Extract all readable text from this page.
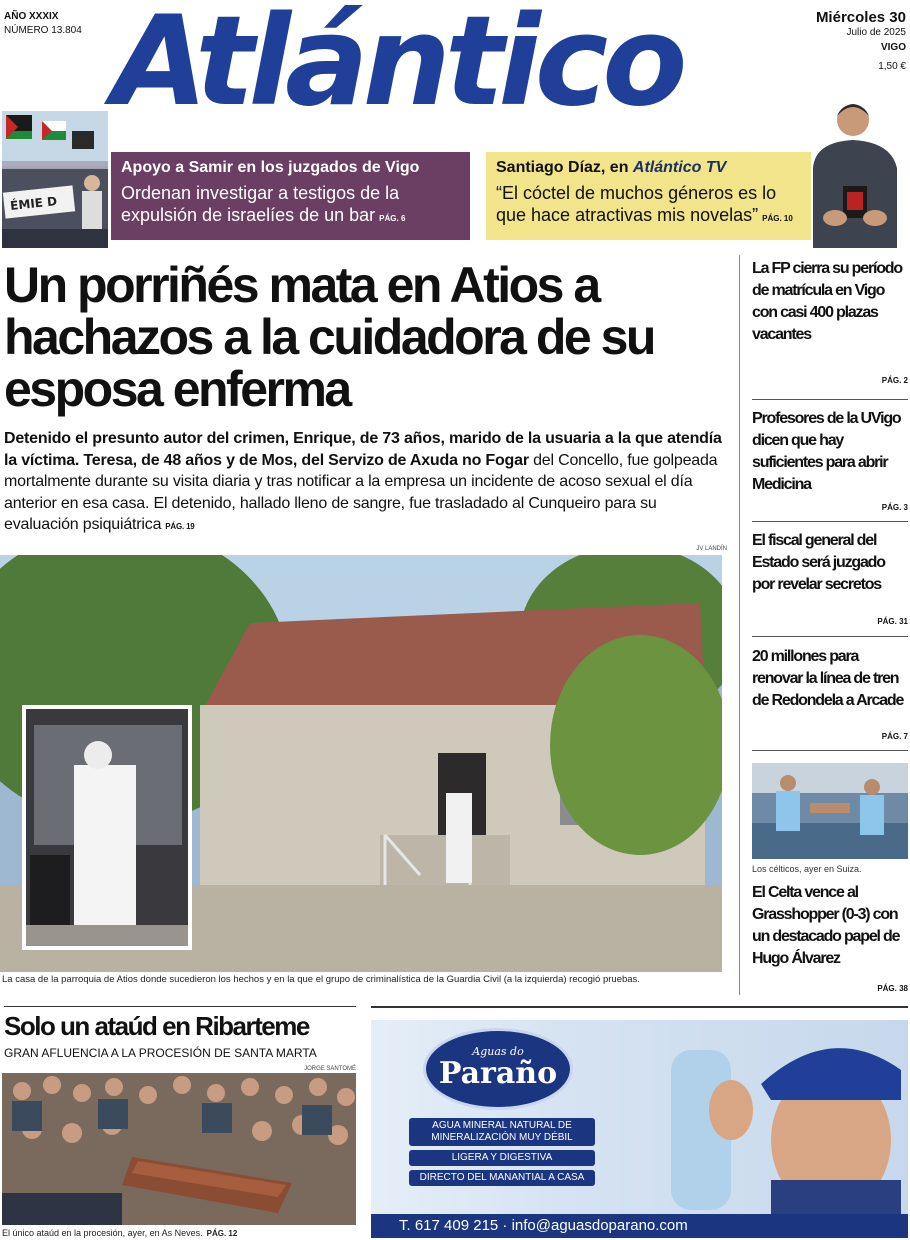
AÑO XXXIX
NÚMERO 13.804 Atlántico	Miércoles 30
Julio de 2025
VIGO
1,50 €
ÉMIE D
Apoyo a Samir en los juzgados de Vigo
Ordenan investigar a testigos de la expulsión de israelíes de un bar PÁG. 6
Santiago Díaz, en Atlántico TV
“El cóctel de muchos géneros es lo que hace atractivas mis novelas” PÁG. 10
Un porriñés mata en Atios a hachazos a la cuidadora de su esposa enferma
Detenido el presunto autor del crimen, Enrique, de 73 años, marido de la usuaria a la que atendía la víctima. Teresa, de 48 años y de Mos, del Servizo de Axuda no Fogar del Concello, fue golpeada mortalmente durante su visita diaria y tras notificar a la empresa un incidente de acoso sexual el día anterior en esa casa. El detenido, hallado lleno de sangre, fue trasladado al Cunqueiro para su evaluación psiquiátrica PÁG. 19
JV LANDÍN
La casa de la parroquia de Atios donde sucedieron los hechos y en la que el grupo de criminalística de la Guardia Civil (a la izquierda) recogió pruebas.
La FP cierra su período de matrícula en Vigo con casi 400 plazas vacantes
PÁG. 2
Profesores de la UVigo dicen que hay suficientes para abrir Medicina
PÁG. 3
El fiscal general del Estado será juzgado por revelar secretos
PÁG. 31
20 millones para renovar la línea de tren de Redondela a Arcade
PÁG. 7
Los célticos, ayer en Suiza.
El Celta vence al Grasshopper (0-3) con un destacado papel de Hugo Álvarez
PÁG. 38
Solo un ataúd en Ribarteme
GRAN AFLUENCIA A LA PROCESIÓN DE SANTA MARTA
JORGE SANTOMÉ
El único ataúd en la procesión, ayer, en As Neves. PÁG. 12
Aguas do
Paraño
AGUA MINERAL NATURAL DE MINERALIZACIÓN MUY DÉBIL
LIGERA Y DIGESTIVA
DIRECTO DEL MANANTIAL A CASA
T. 617 409 215 · info@aguasdoparano.com
